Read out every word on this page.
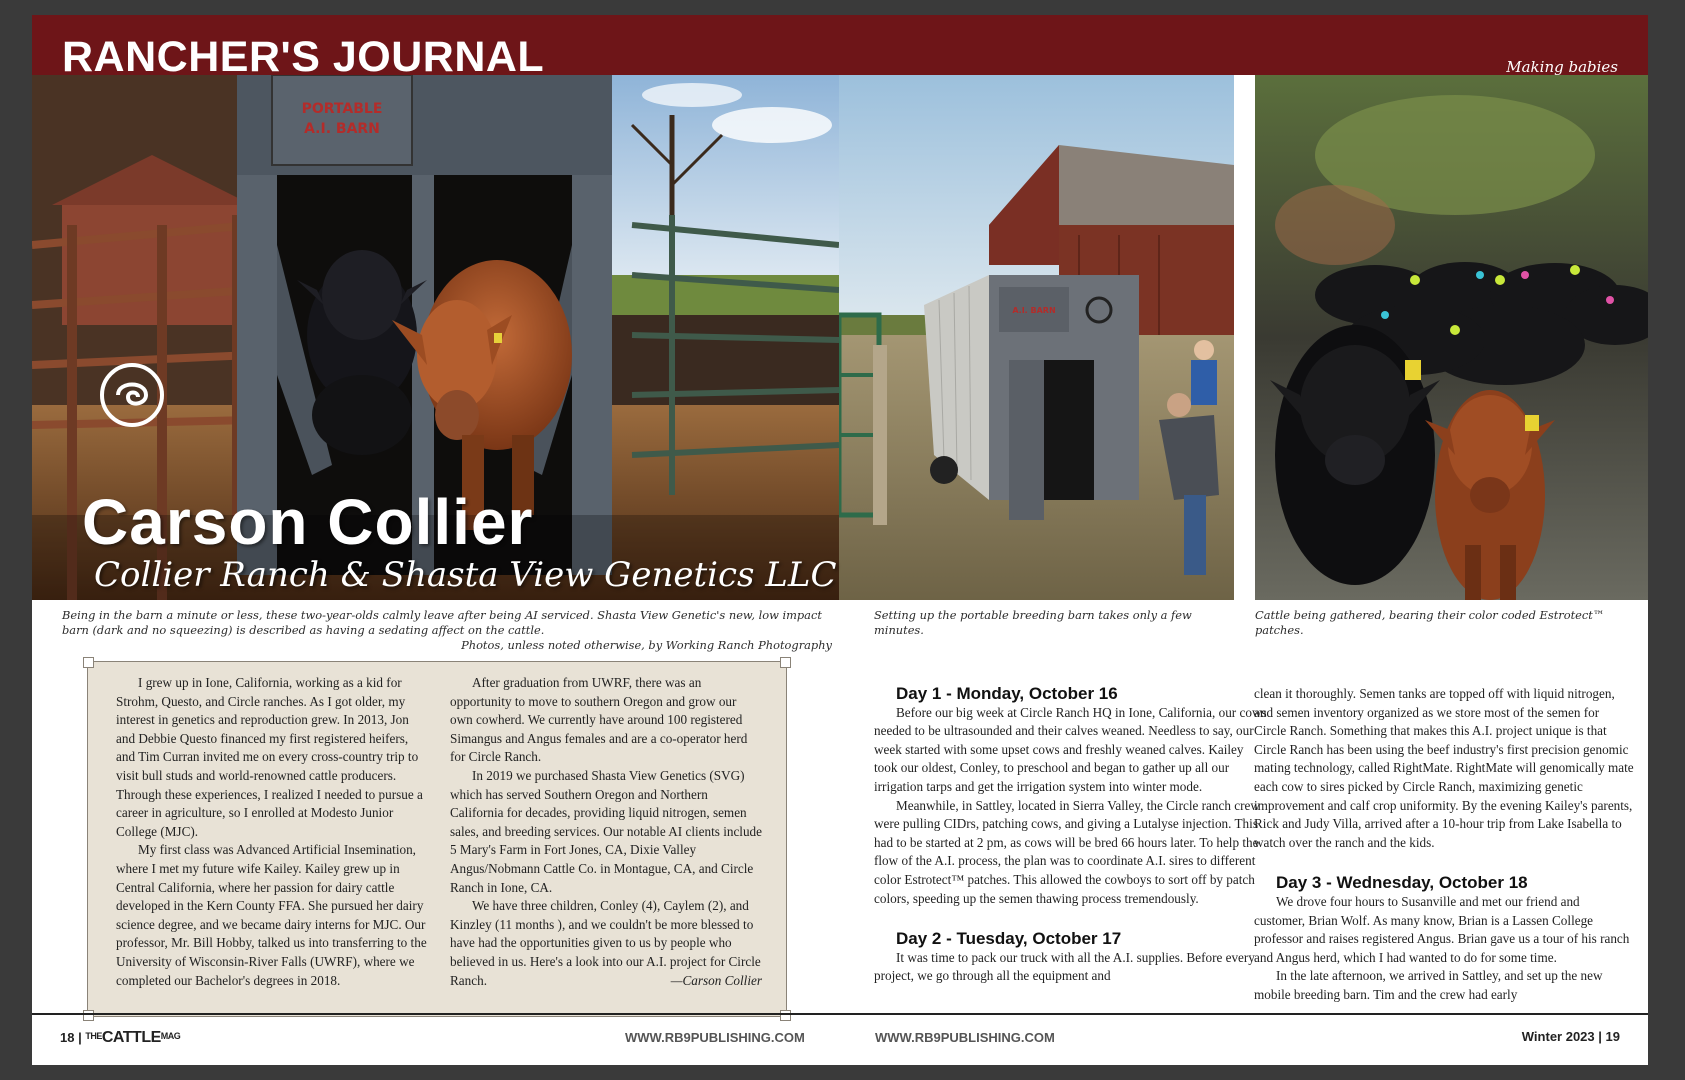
RANCHER'S JOURNAL	Making babies
PORTABLE
A.I. BARN
Carson Collier
Collier Ranch & Shasta View Genetics LLC
A.I. BARN
Being in the barn a minute or less, these two-year-olds calmly leave after being AI serviced. Shasta View Genetic's new, low impact barn (dark and no squeezing) is described as having a sedating affect on the cattle.
Photos, unless noted otherwise, by Working Ranch Photography
Setting up the portable breeding barn takes only a few minutes.
Cattle being gathered, bearing their color coded Estrotect™ patches.

I grew up in Ione, California, working as a kid for Strohm, Questo, and Circle ranches. As I got older, my interest in genetics and reproduction grew. In 2013, Jon and Debbie Questo financed my first registered heifers, and Tim Curran invited me on every cross-country trip to visit bull studs and world-renowned cattle producers. Through these experiences, I realized I needed to pursue a career in agriculture, so I enrolled at Modesto Junior College (MJC).

My first class was Advanced Artificial Insemination, where I met my future wife Kailey. Kailey grew up in Central California, where her passion for dairy cattle developed in the Kern County FFA. She pursued her dairy science degree, and we became dairy interns for MJC. Our professor, Mr. Bill Hobby, talked us into transferring to the University of Wisconsin-River Falls (UWRF), where we completed our Bachelor's degrees in 2018.

After graduation from UWRF, there was an opportunity to move to southern Oregon and grow our own cowherd. We currently have around 100 registered Simangus and Angus females and are a co-operator herd for Circle Ranch.

In 2019 we purchased Shasta View Genetics (SVG) which has served Southern Oregon and Northern California for decades, providing liquid nitrogen, semen sales, and breeding services. Our notable AI clients include 5 Mary's Farm in Fort Jones, CA, Dixie Valley Angus/Nobmann Cattle Co. in Montague, CA, and Circle Ranch in Ione, CA.

We have three children, Conley (4), Caylem (2), and Kinzley (11 months ), and we couldn't be more blessed to have had the opportunities given to us by people who believed in us. Here's a look into our A.I. project for Circle Ranch.	—Carson Collier

Day 1 - Monday, October 16

Before our big week at Circle Ranch HQ in Ione, California, our cows needed to be ultrasounded and their calves weaned. Needless to say, our week started with some upset cows and freshly weaned calves. Kailey took our oldest, Conley, to preschool and began to gather up all our irrigation tarps and get the irrigation system into winter mode.

Meanwhile, in Sattley, located in Sierra Valley, the Circle ranch crew were pulling CIDrs, patching cows, and giving a Lutalyse injection. This had to be started at 2 pm, as cows will be bred 66 hours later. To help the flow of the A.I. process, the plan was to coordinate A.I. sires to different color Estrotect™ patches. This allowed the cowboys to sort off by patch colors, speeding up the semen thawing process tremendously.

Day 2 - Tuesday, October 17

It was time to pack our truck with all the A.I. supplies. Before every project, we go through all the equipment and

clean it thoroughly. Semen tanks are topped off with liquid nitrogen, and semen inventory organized as we store most of the semen for Circle Ranch. Something that makes this A.I. project unique is that Circle Ranch has been using the beef industry's first precision genomic mating technology, called RightMate. RightMate will genomically mate each cow to sires picked by Circle Ranch, maximizing genetic improvement and calf crop uniformity. By the evening Kailey's parents, Rick and Judy Villa, arrived after a 10-hour trip from Lake Isabella to watch over the ranch and the kids.

Day 3 - Wednesday, October 18

We drove four hours to Susanville and met our friend and customer, Brian Wolf. As many know, Brian is a Lassen College professor and raises registered Angus. Brian gave us a tour of his ranch and Angus herd, which I had wanted to do for some time.

In the late afternoon, we arrived in Sattley, and set up the new mobile breeding barn. Tim and the crew had early

18 | THECATTLEMAG	WWW.RB9PUBLISHING.COM	WWW.RB9PUBLISHING.COM	Winter 2023 | 19
